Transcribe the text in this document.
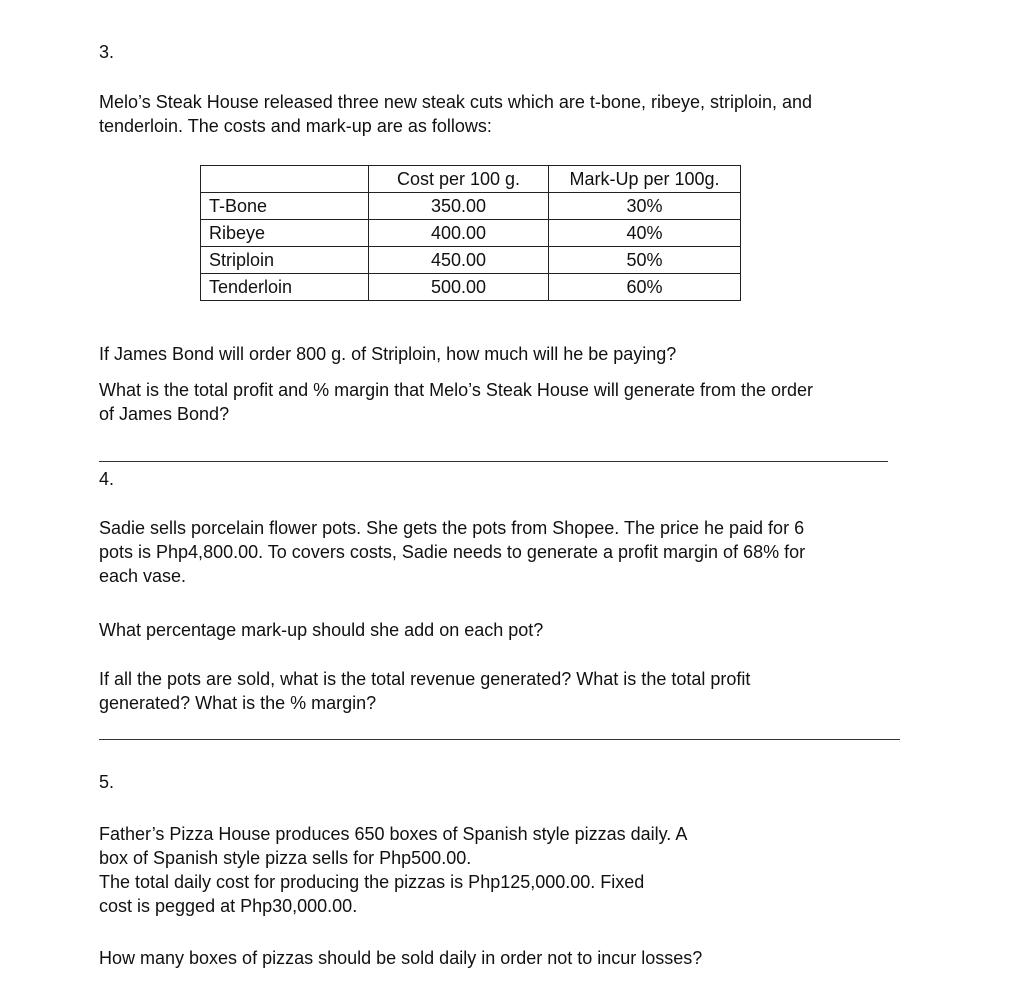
3.
Melo’s Steak House released three new steak cuts which are t-bone, ribeye, striploin, and
tenderloin. The costs and mark-up are as follows:
	Cost per 100 g.	Mark-Up per 100g.
T-Bone	350.00	30%
Ribeye	400.00	40%
Striploin	450.00	50%
Tenderloin	500.00	60%
If James Bond will order 800 g. of Striploin, how much will he be paying?
What is the total profit and % margin that Melo’s Steak House will generate from the order
of James Bond?
4.
Sadie sells porcelain flower pots. She gets the pots from Shopee. The price he paid for 6
pots is Php4,800.00. To covers costs, Sadie needs to generate a profit margin of 68% for
each vase.
What percentage mark-up should she add on each pot?
If all the pots are sold, what is the total revenue generated? What is the total profit
generated? What is the % margin?
5.
Father’s Pizza House produces 650 boxes of Spanish style pizzas daily. A
box of Spanish style pizza sells for Php500.00.
The total daily cost for producing the pizzas is Php125,000.00. Fixed
cost is pegged at Php30,000.00.
How many boxes of pizzas should be sold daily in order not to incur losses?
